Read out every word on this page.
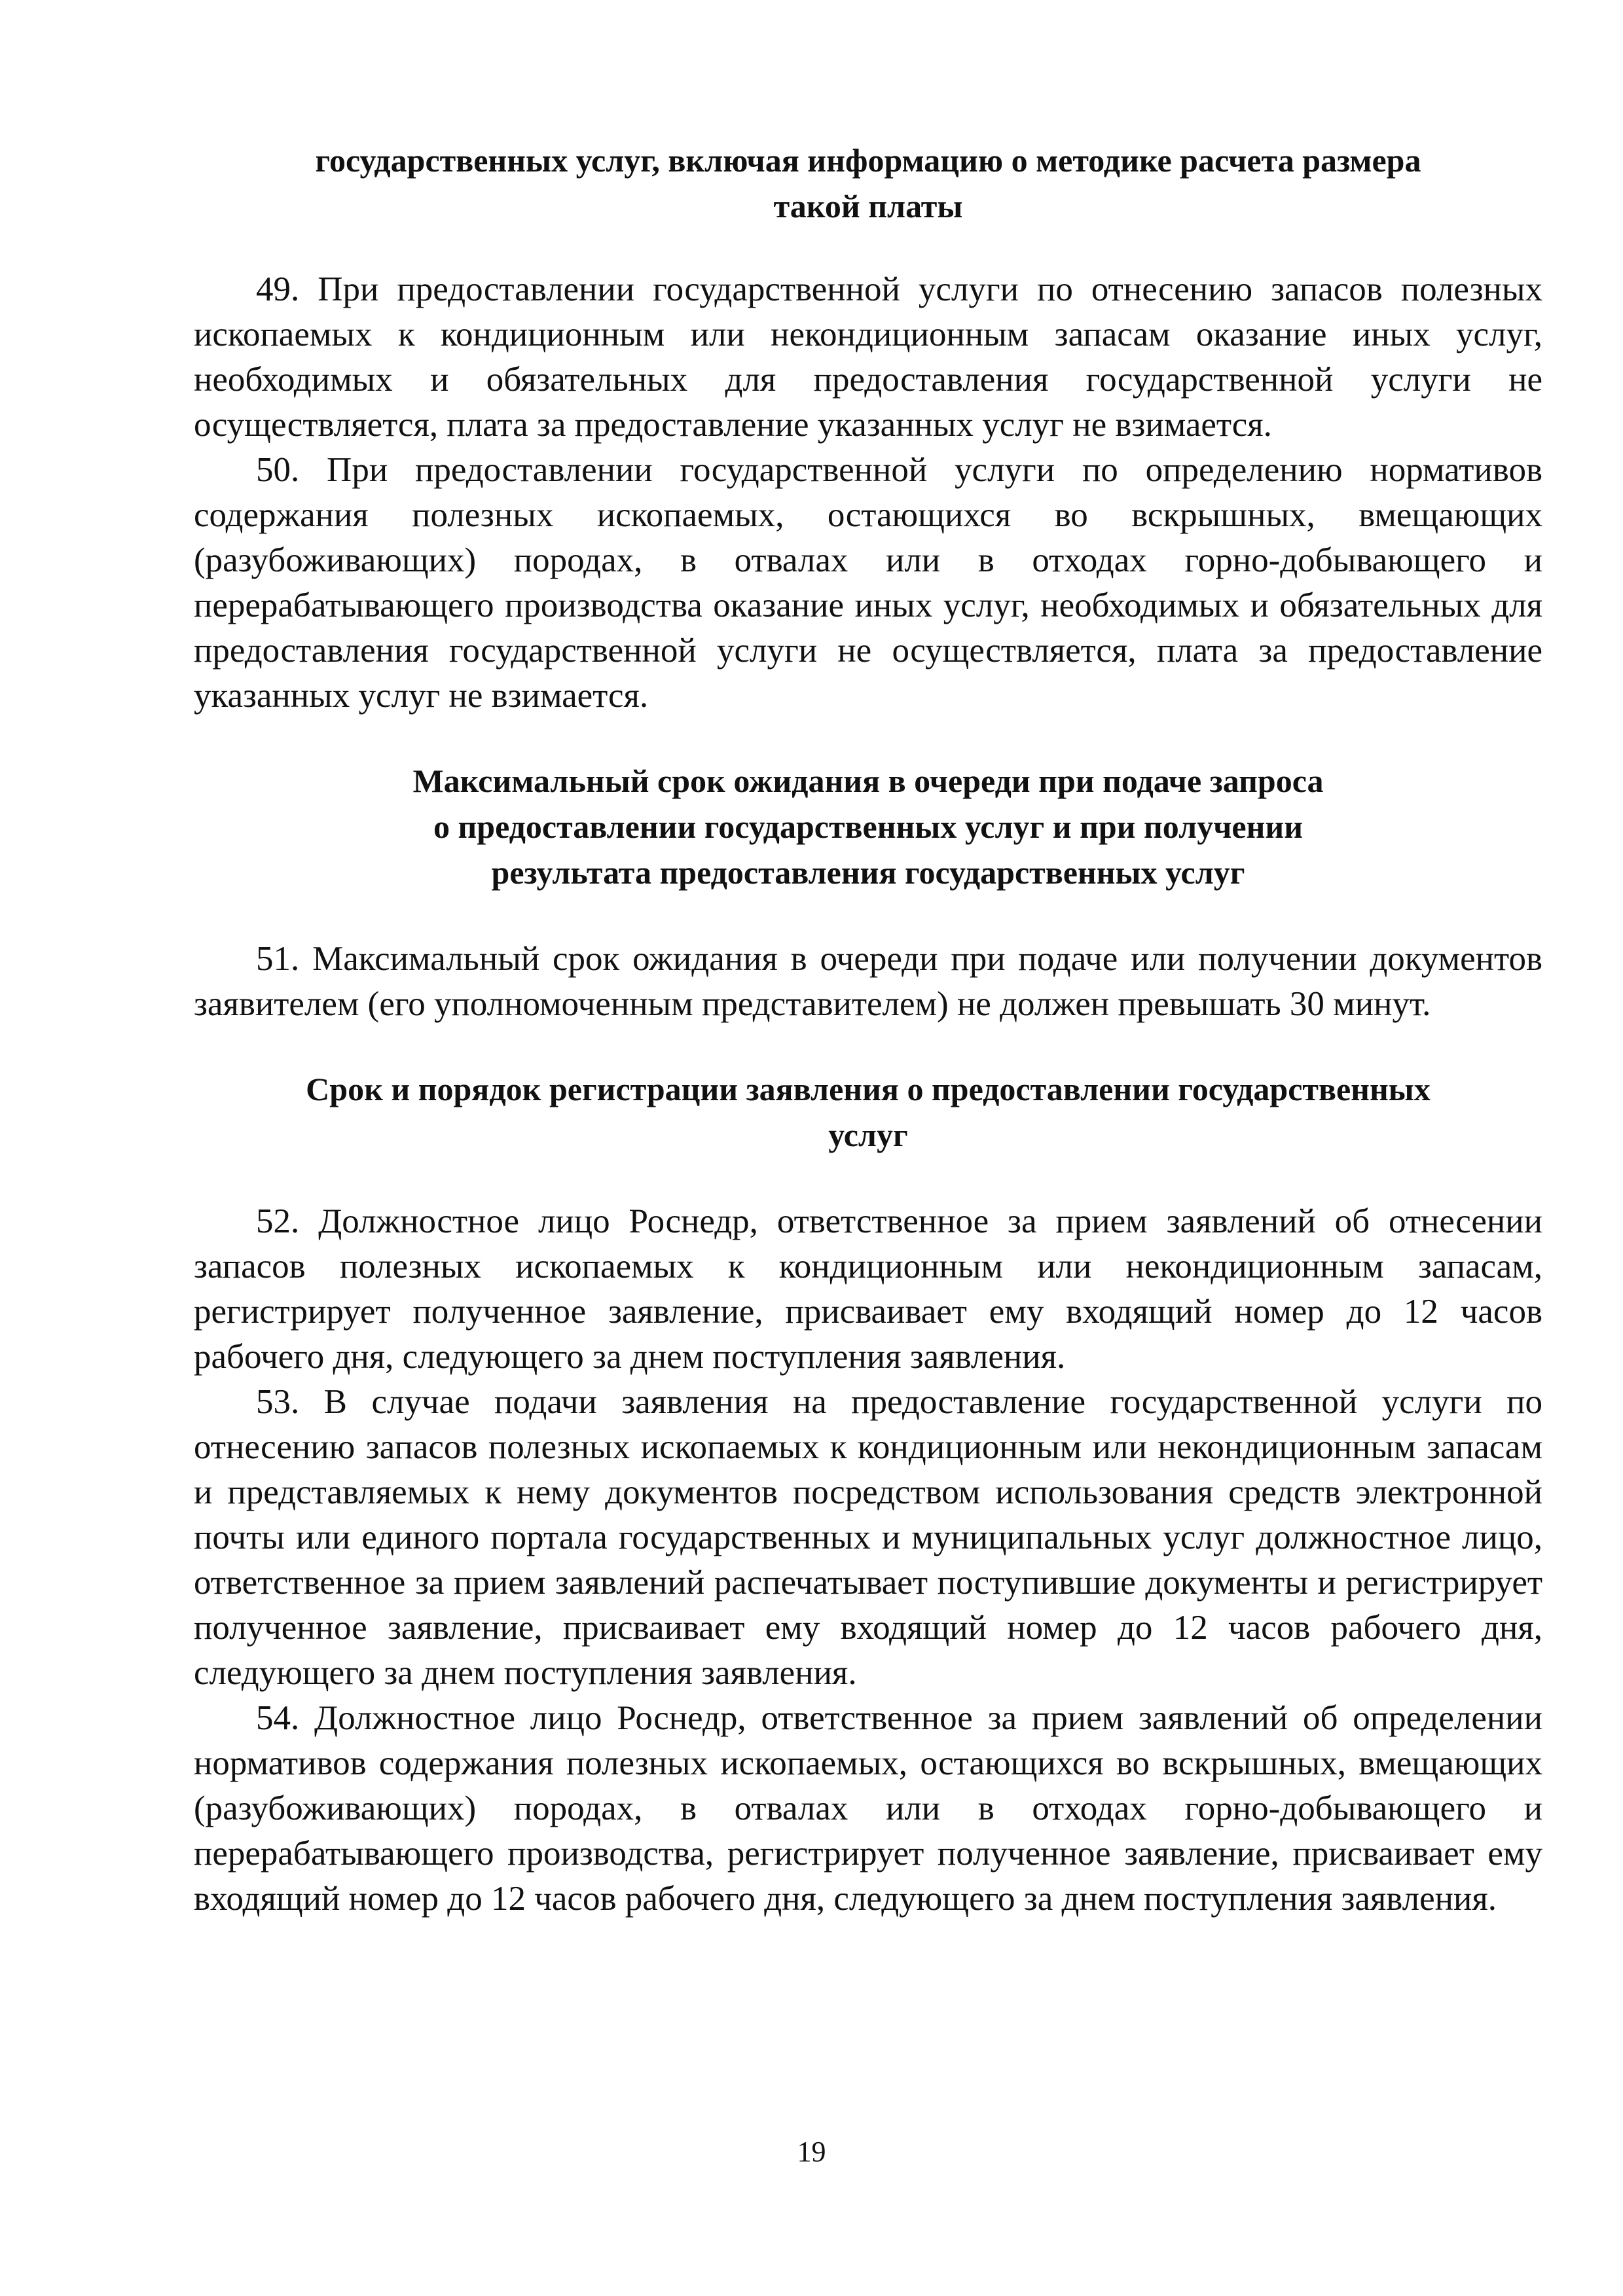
государственных услуг, включая информацию о методике расчета размера
такой платы

49. При предоставлении государственной услуги по отнесению запасов полезных ископаемых к кондиционным или некондиционным запасам оказание иных услуг, необходимых и обязательных для предоставления государственной услуги не осуществляется, плата за предоставление указанных услуг не взимается.

50. При предоставлении государственной услуги по определению нормативов содержания полезных ископаемых, остающихся во вскрышных, вмещающих (разубоживающих) породах, в отвалах или в отходах горно-добывающего и перерабатывающего производства оказание иных услуг, необходимых и обязательных для предоставления государственной услуги не осуществляется, плата за предоставление указанных услуг не взимается.

Максимальный срок ожидания в очереди при подаче запроса
о предоставлении государственных услуг и при получении
результата предоставления государственных услуг

51. Максимальный срок ожидания в очереди при подаче или получении документов заявителем (его уполномоченным представителем) не должен превышать 30 минут.

Срок и порядок регистрации заявления о предоставлении государственных
услуг

52. Должностное лицо Роснедр, ответственное за прием заявлений об отнесении запасов полезных ископаемых к кондиционным или некондиционным запасам, регистрирует полученное заявление, присваивает ему входящий номер до 12 часов рабочего дня, следующего за днем поступления заявления.

53. В случае подачи заявления на предоставление государственной услуги по отнесению запасов полезных ископаемых к кондиционным или некондиционным запасам и представляемых к нему документов посредством использования средств электронной почты или единого портала государственных и муниципальных услуг должностное лицо, ответственное за прием заявлений распечатывает поступившие документы и регистрирует полученное заявление, присваивает ему входящий номер до 12 часов рабочего дня, следующего за днем поступления заявления.

54. Должностное лицо Роснедр, ответственное за прием заявлений об определении нормативов содержания полезных ископаемых, остающихся во вскрышных, вмещающих (разубоживающих) породах, в отвалах или в отходах горно-добывающего и перерабатывающего производства, регистрирует полученное заявление, присваивает ему входящий номер до 12 часов рабочего дня, следующего за днем поступления заявления.

19
